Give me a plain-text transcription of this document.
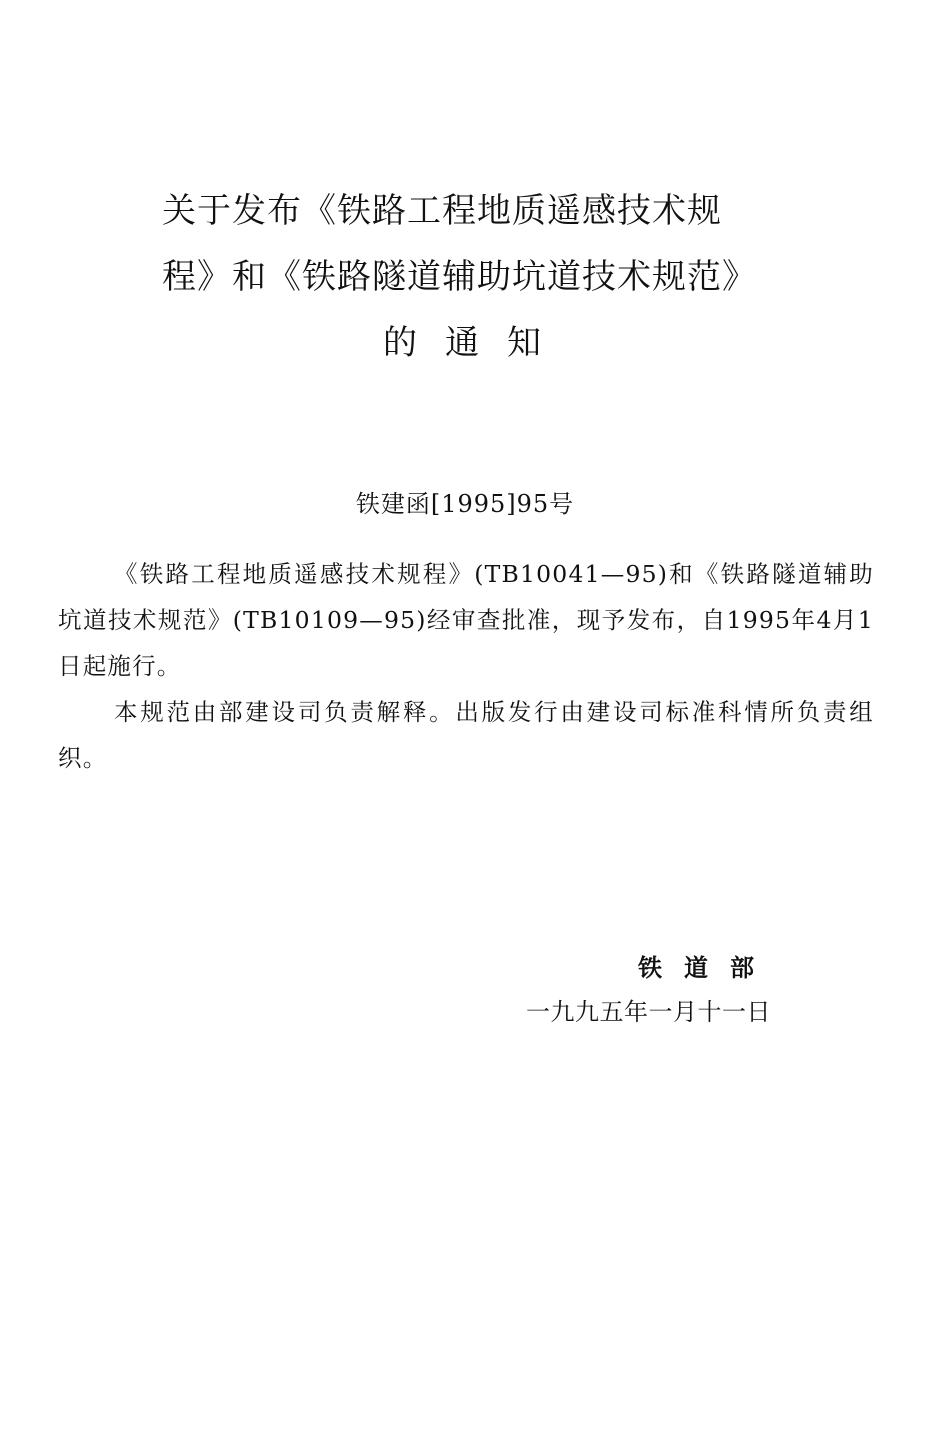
关于发布《铁路工程地质遥感技术规
程》和《铁路隧道辅助坑道技术规范》
的通知
铁建函[1995]95号

《铁路工程地质遥感技术规程》(TB10041—95)和《铁路隧道辅助坑道技术规范》(TB10109—95)经审查批准，现予发布，自1995年4月1日起施行。

本规范由部建设司负责解释。出版发行由建设司标准科情所负责组织。

铁道部
一九九五年一月十一日
